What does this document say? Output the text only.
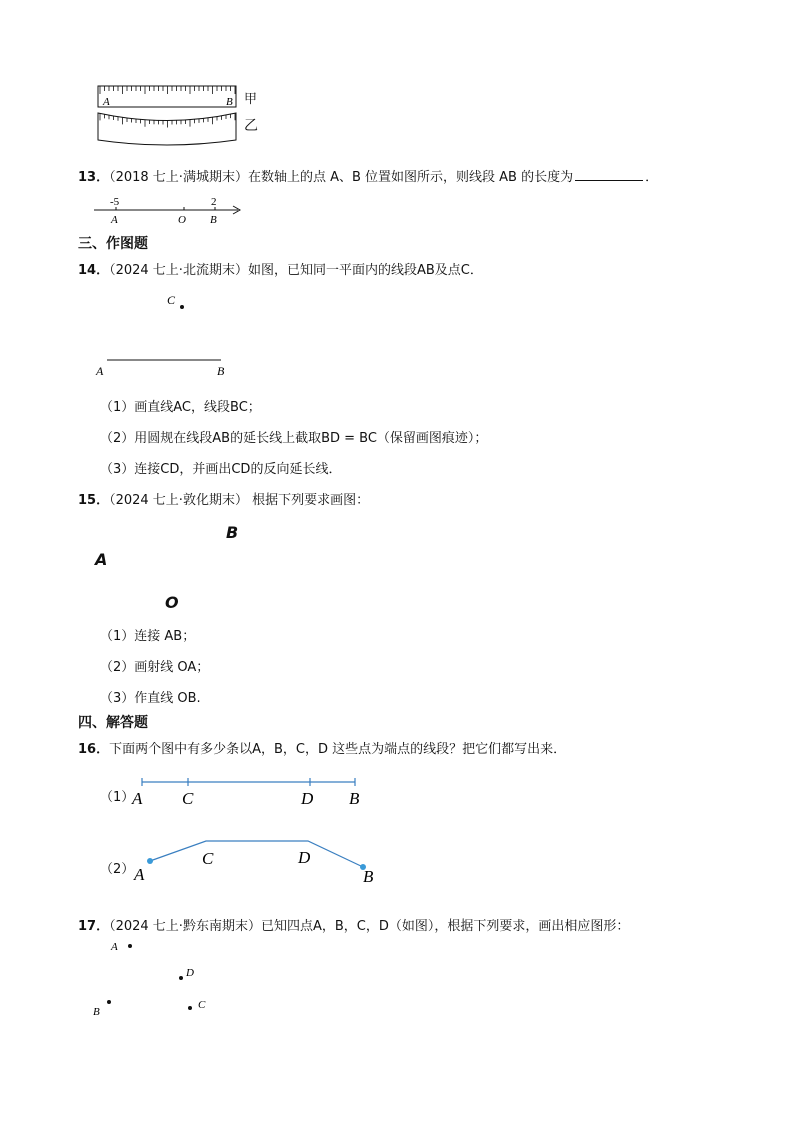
A	B 甲
乙
13．（2018 七上·满城期末）在数轴上的点 A、B 位置如图所示，则线段 AB 的长度为	．
-5	2
A	O B
三、作图题
14．（2024 七上·北流期末）如图，已知同一平面内的线段AB及点C．
C
A	B
（1）画直线AC，线段BC；
（2）用圆规在线段AB的延长线上截取BD = BC（保留画图痕迹）；
（3）连接CD，并画出CD的反向延长线．
15．（2024 七上·敦化期末） 根据下列要求画图：
B
A
O
（1）连接 AB；
（2）画射线 OA；
（3）作直线 OB.
四、解答题
16．下面两个图中有多少条以A，B，C，D 这些点为端点的线段？把它们都写出来．
（1）
A C	D B
（2） A
C	D
B
17．（2024 七上·黔东南期末）已知四点A，B，C，D（如图），根据下列要求，画出相应图形：
A
D
B
C
